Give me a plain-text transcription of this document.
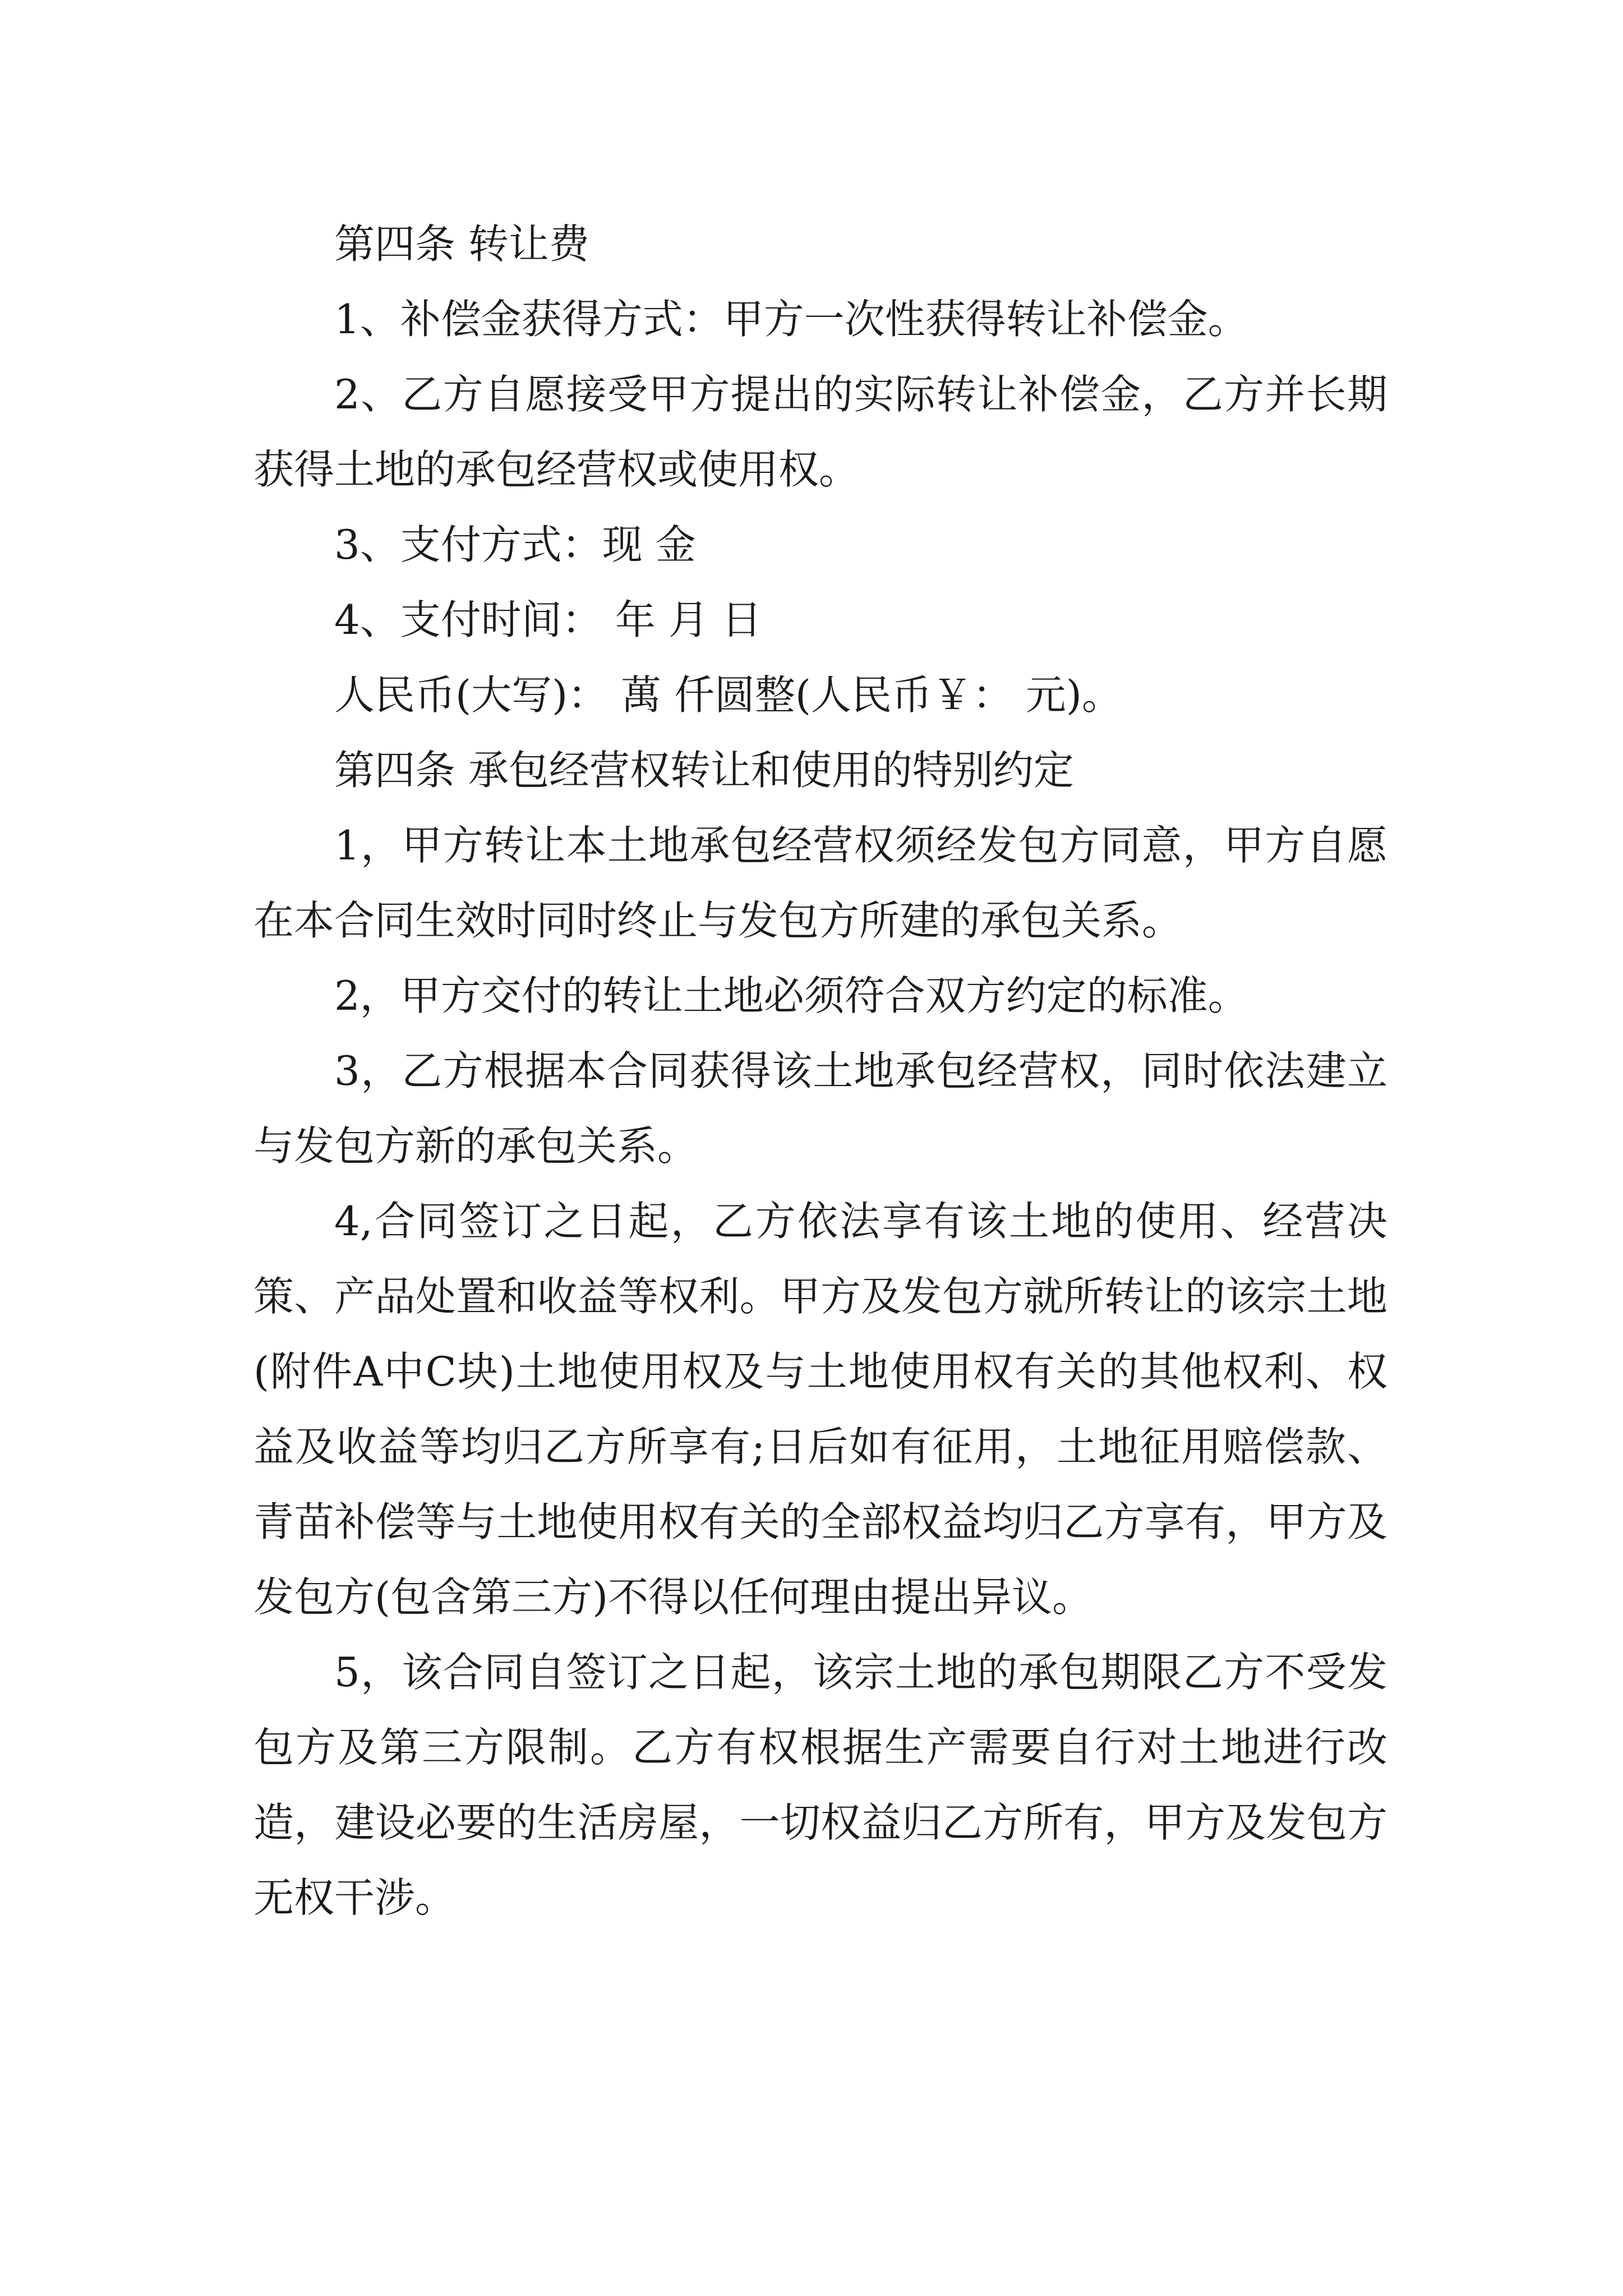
第四条 转让费

1、补偿金获得方式：甲方一次性获得转让补偿金。

2、乙方自愿接受甲方提出的实际转让补偿金，乙方并长期获得土地的承包经营权或使用权。

3、支付方式：现 金

4、支付时间： 年 月 日

人民币(大写)： 萬 仟圆整(人民币￥： 元)。

第四条 承包经营权转让和使用的特别约定

1，甲方转让本土地承包经营权须经发包方同意，甲方自愿在本合同生效时同时终止与发包方所建的承包关系。

2，甲方交付的转让土地必须符合双方约定的标准。

3，乙方根据本合同获得该土地承包经营权，同时依法建立与发包方新的承包关系。

4,合同签订之日起，乙方依法享有该土地的使用、经营决策、产品处置和收益等权利。甲方及发包方就所转让的该宗土地(附件A中C块)土地使用权及与土地使用权有关的其他权利、权益及收益等均归乙方所享有;日后如有征用，土地征用赔偿款、青苗补偿等与土地使用权有关的全部权益均归乙方享有，甲方及发包方(包含第三方)不得以任何理由提出异议。

5，该合同自签订之日起，该宗土地的承包期限乙方不受发包方及第三方限制。乙方有权根据生产需要自行对土地进行改造，建设必要的生活房屋，一切权益归乙方所有，甲方及发包方无权干涉。
